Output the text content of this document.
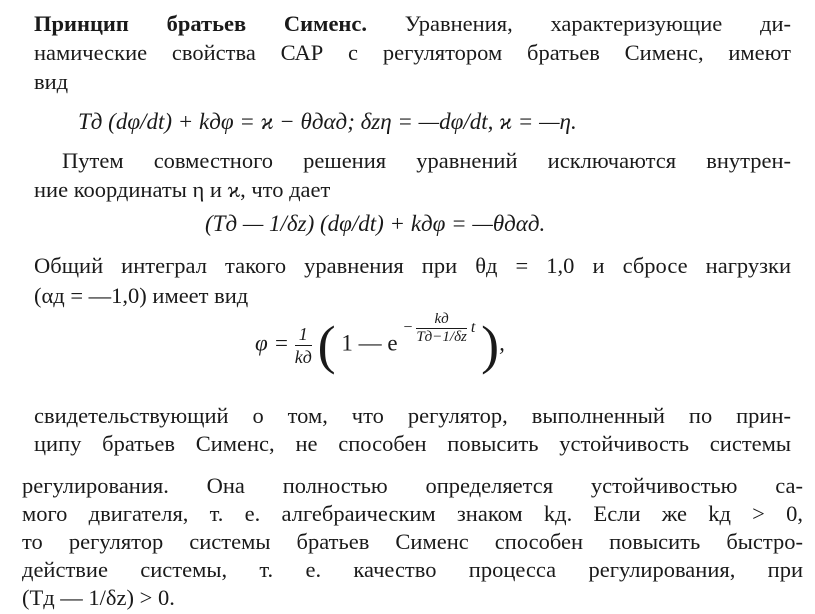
Принцип братьев Сименс. Уравнения, характеризующие ди-
намические свойства САР с регулятором братьев Сименс, имеют
вид
Tд (dφ/dt) + kдφ = ϰ − θдαд; δzη = —dφ/dt, ϰ = —η.
Путем совместного решения уравнений исключаются внутрен-
ние координаты η и ϰ, что дает
(Tд — 1/δz) (dφ/dt) + kдφ = —θдαд.
Общий интеграл такого уравнения при θд = 1,0 и сбросе нагрузки
(αд = —1,0) имеет вид
$\varphi = \frac{1}{kд}$ ( 1 — $e - \frac{kд}{Tд-1/\delta z}$ t ),
свидетельствующий о том, что регулятор, выполненный по прин-
ципу братьев Сименс, не способен повысить устойчивость системы
регулирования. Она полностью определяется устойчивостью са-
мого двигателя, т. е. алгебраическим знаком kд. Если же kд > 0,
то регулятор системы братьев Сименс способен повысить быстро-
действие системы, т. е. качество процесса регулирования, при
(Tд — 1/δz) > 0.
